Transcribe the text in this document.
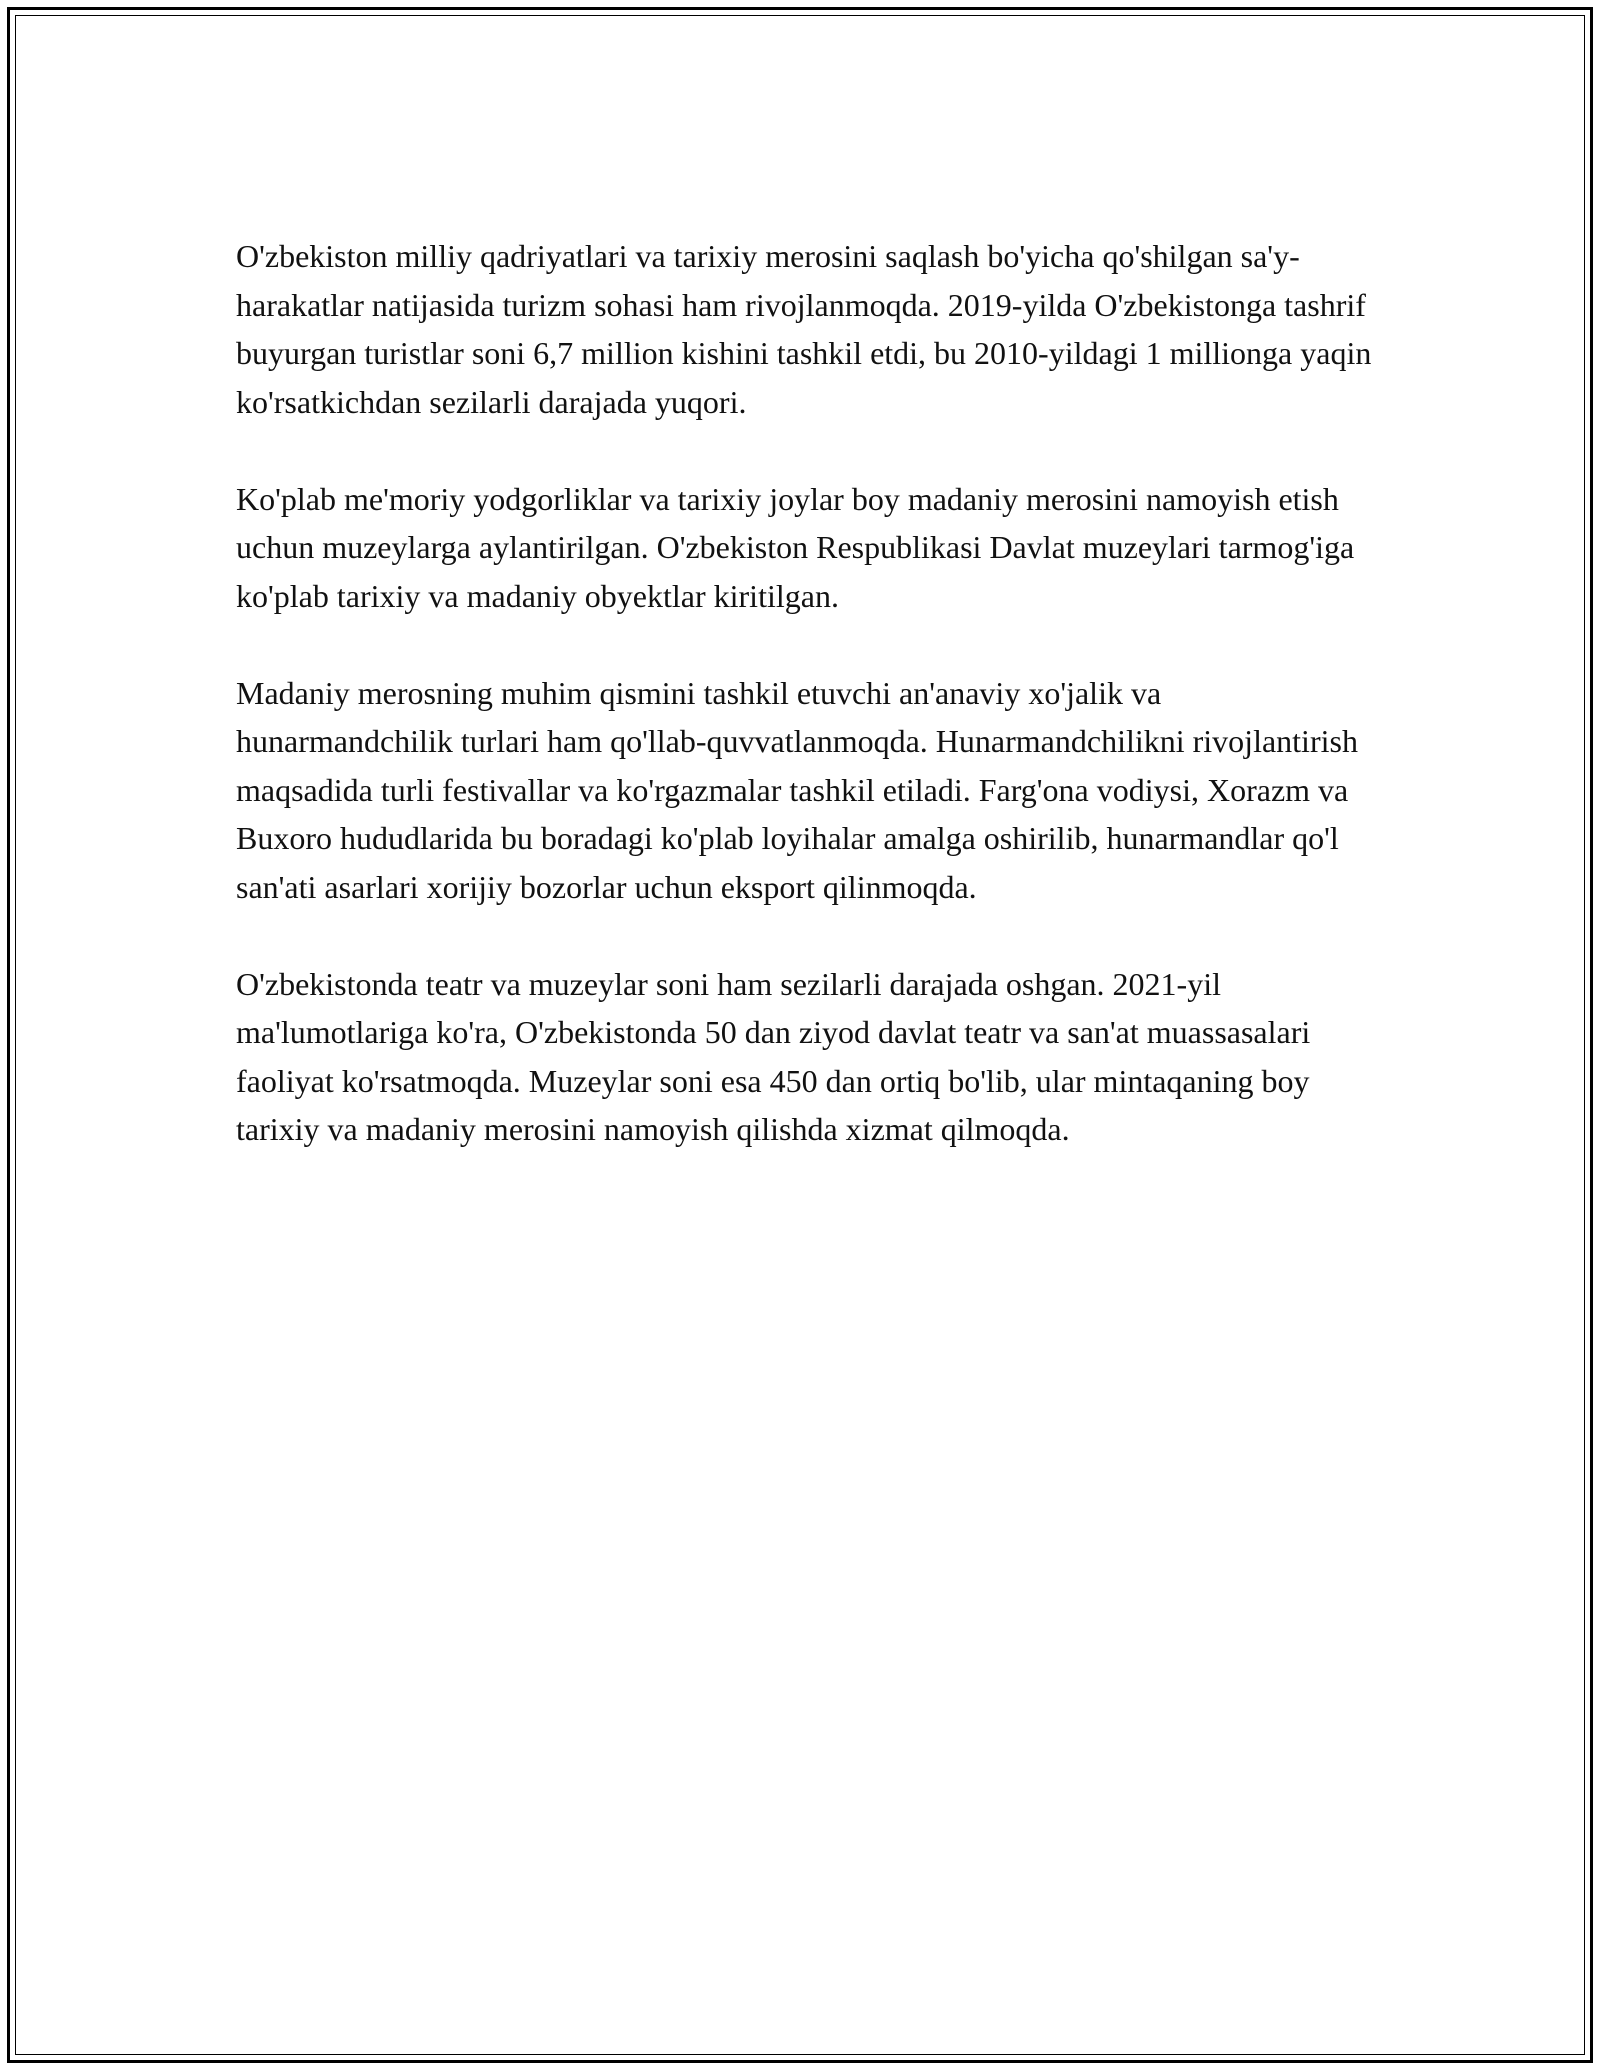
O'zbekiston milliy qadriyatlari va tarixiy merosini saqlash bo'yicha qo'shilgan sa'y-harakatlar natijasida turizm sohasi ham rivojlanmoqda. 2019-yilda O'zbekistonga tashrif buyurgan turistlar soni 6,7 million kishini tashkil etdi, bu 2010-yildagi 1 millionga yaqin ko'rsatkichdan sezilarli darajada yuqori.

Ko'plab me'moriy yodgorliklar va tarixiy joylar boy madaniy merosini namoyish etish uchun muzeylarga aylantirilgan. O'zbekiston Respublikasi Davlat muzeylari tarmog'iga ko'plab tarixiy va madaniy obyektlar kiritilgan.

Madaniy merosning muhim qismini tashkil etuvchi an'anaviy xo'jalik va hunarmandchilik turlari ham qo'llab-quvvatlanmoqda. Hunarmandchilikni rivojlantirish maqsadida turli festivallar va ko'rgazmalar tashkil etiladi. Farg'ona vodiysi, Xorazm va Buxoro hududlarida bu boradagi ko'plab loyihalar amalga oshirilib, hunarmandlar qo'l san'ati asarlari xorijiy bozorlar uchun eksport qilinmoqda.

O'zbekistonda teatr va muzeylar soni ham sezilarli darajada oshgan. 2021-yil ma'lumotlariga ko'ra, O'zbekistonda 50 dan ziyod davlat teatr va san'at muassasalari faoliyat ko'rsatmoqda. Muzeylar soni esa 450 dan ortiq bo'lib, ular mintaqaning boy tarixiy va madaniy merosini namoyish qilishda xizmat qilmoqda.
